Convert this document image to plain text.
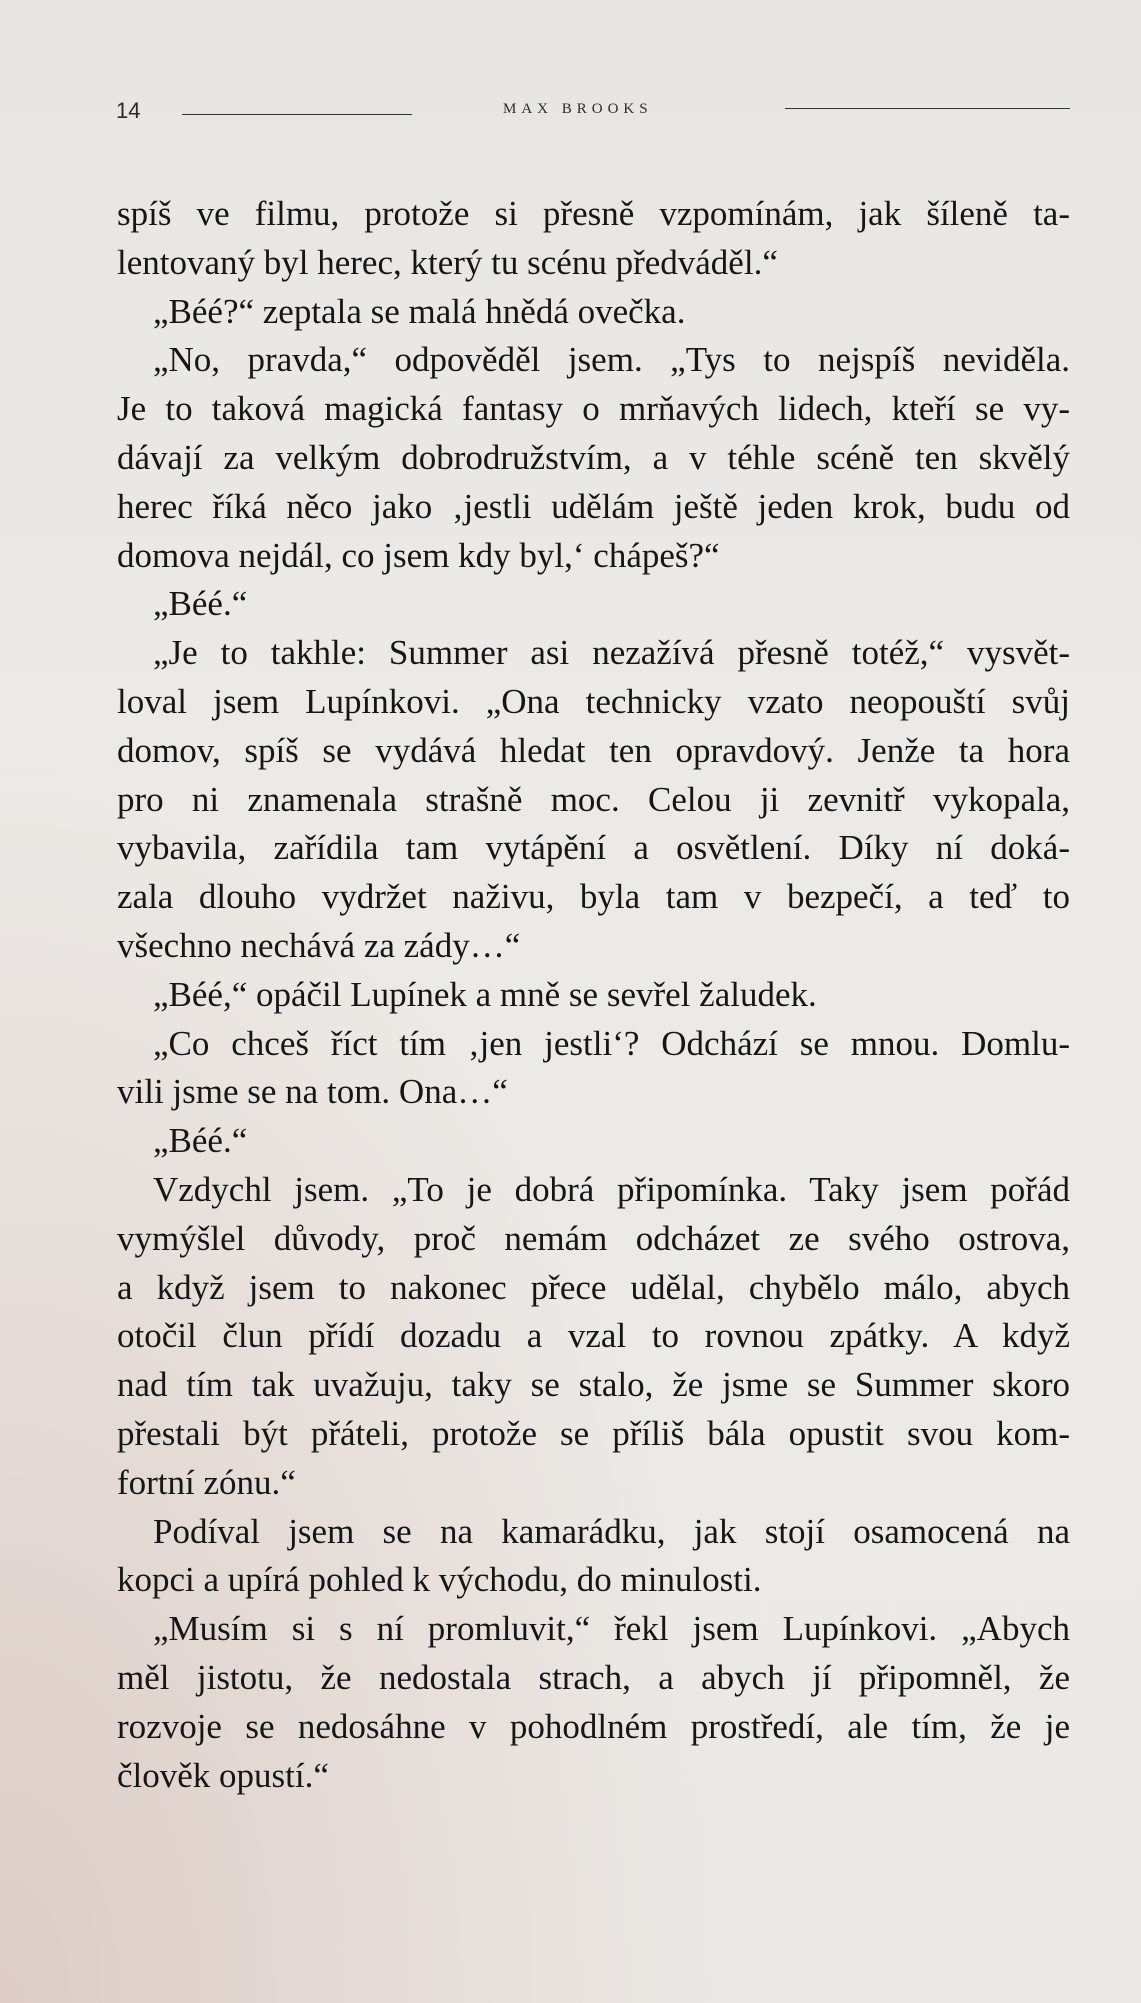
14	MAX BROOKS
spíš ve filmu, protože si přesně vzpomínám, jak šíleně ta-
lentovaný byl herec, který tu scénu předváděl.“
„Béé?“ zeptala se malá hnědá ovečka.
„No, pravda,“ odpověděl jsem. „Tys to nejspíš neviděla.
Je to taková magická fantasy o mrňavých lidech, kteří se vy-
dávají za velkým dobrodružstvím, a v téhle scéně ten skvělý
herec říká něco jako ‚jestli udělám ještě jeden krok, budu od
domova nejdál, co jsem kdy byl,‘ chápeš?“
„Béé.“
„Je to takhle: Summer asi nezažívá přesně totéž,“ vysvět-
loval jsem Lupínkovi. „Ona technicky vzato neopouští svůj
domov, spíš se vydává hledat ten opravdový. Jenže ta hora
pro ni znamenala strašně moc. Celou ji zevnitř vykopala,
vybavila, zařídila tam vytápění a osvětlení. Díky ní doká-
zala dlouho vydržet naživu, byla tam v bezpečí, a teď to
všechno nechává za zády…“
„Béé,“ opáčil Lupínek a mně se sevřel žaludek.
„Co chceš říct tím ‚jen jestli‘? Odchází se mnou. Domlu-
vili jsme se na tom. Ona…“
„Béé.“
Vzdychl jsem. „To je dobrá připomínka. Taky jsem pořád
vymýšlel důvody, proč nemám odcházet ze svého ostrova,
a když jsem to nakonec přece udělal, chybělo málo, abych
otočil člun přídí dozadu a vzal to rovnou zpátky. A když
nad tím tak uvažuju, taky se stalo, že jsme se Summer skoro
přestali být přáteli, protože se příliš bála opustit svou kom-
fortní zónu.“
Podíval jsem se na kamarádku, jak stojí osamocená na
kopci a upírá pohled k východu, do minulosti.
„Musím si s ní promluvit,“ řekl jsem Lupínkovi. „Abych
měl jistotu, že nedostala strach, a abych jí připomněl, že
rozvoje se nedosáhne v pohodlném prostředí, ale tím, že je
člověk opustí.“
